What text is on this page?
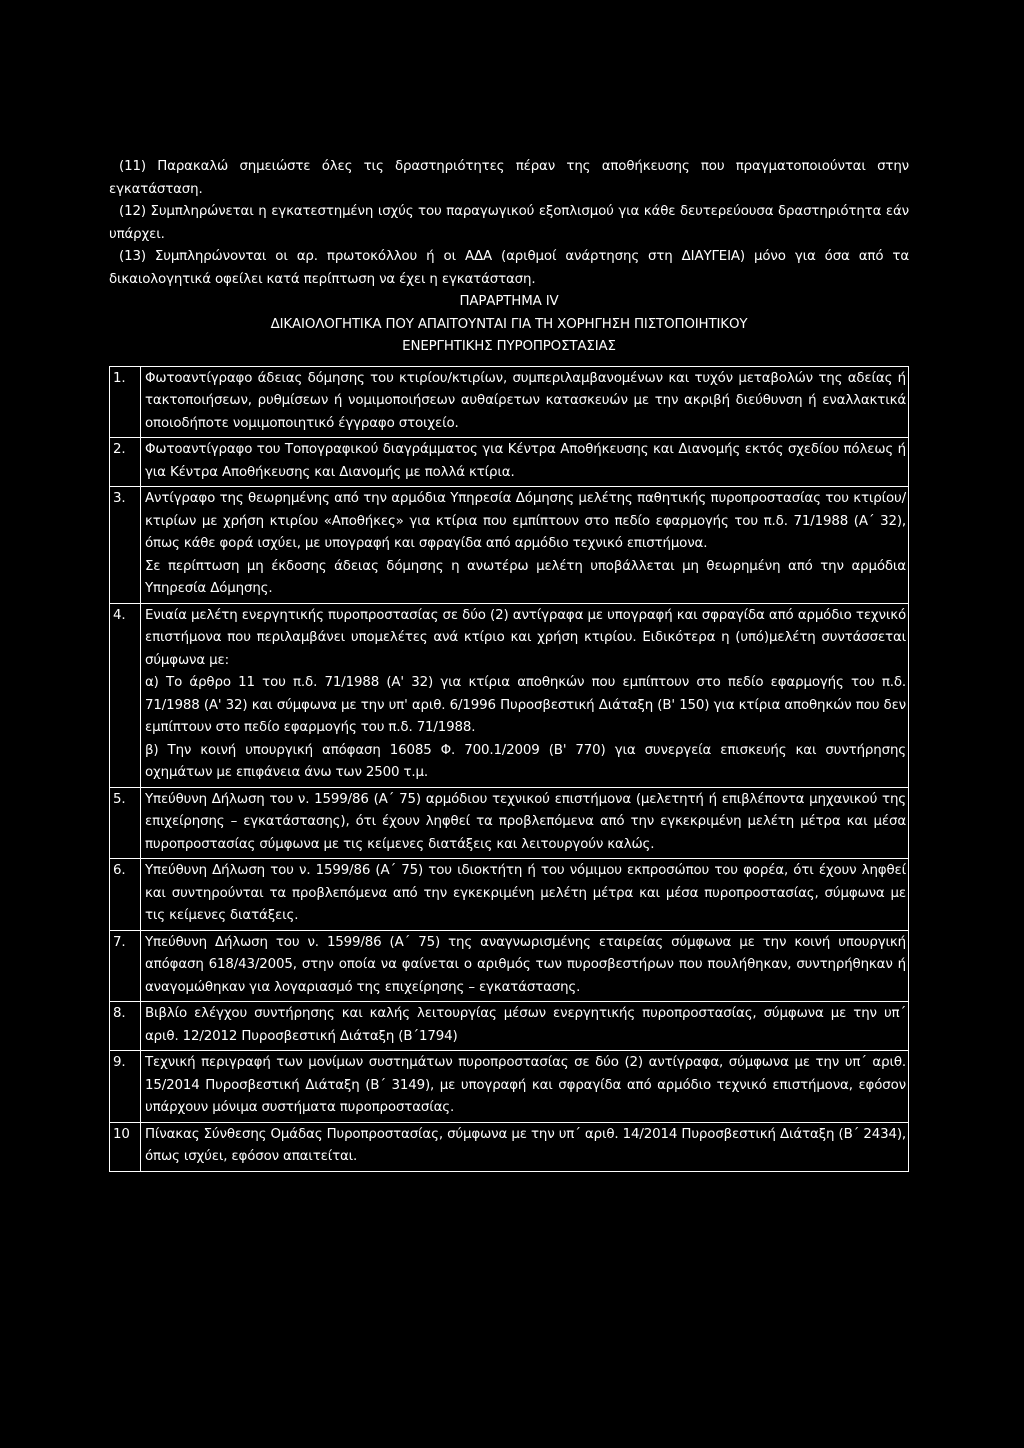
(11) Παρακαλώ σημειώστε όλες τις δραστηριότητες πέραν της αποθήκευσης που πραγματοποιούνται στην εγκατάσταση.

(12) Συμπληρώνεται η εγκατεστημένη ισχύς του παραγωγικού εξοπλισμού για κάθε δευτερεύουσα δραστηριότητα εάν υπάρχει.

(13) Συμπληρώνονται οι αρ. πρωτοκόλλου ή οι ΑΔΑ (αριθμοί ανάρτησης στη ΔΙΑΥΓΕΙΑ) μόνο για όσα από τα δικαιολογητικά οφείλει κατά περίπτωση να έχει η εγκατάσταση.

ΠΑΡΑΡΤΗΜΑ IV

ΔΙΚΑΙΟΛΟΓΗΤΙΚΑ ΠΟΥ ΑΠΑΙΤΟΥΝΤΑΙ ΓΙΑ ΤΗ ΧΟΡΗΓΗΣΗ ΠΙΣΤΟΠΟΙΗΤΙΚΟΥ

ΕΝΕΡΓΗΤΙΚΗΣ ΠΥΡΟΠΡΟΣΤΑΣΙΑΣ

1.	Φωτοαντίγραφο άδειας δόμησης του κτιρίου/κτιρίων, συμπεριλαμβανομένων και τυχόν μεταβολών της αδείας ή τακτοποιήσεων, ρυθμίσεων ή νομιμοποιήσεων αυθαίρετων κατασκευών με την ακριβή διεύθυνση ή εναλλακτικά οποιοδήποτε νομιμοποιητικό έγγραφο στοιχείο.

2.	Φωτοαντίγραφο του Τοπογραφικού διαγράμματος για Κέντρα Αποθήκευσης και Διανομής εκτός σχεδίου πόλεως ή για Κέντρα Αποθήκευσης και Διανομής με πολλά κτίρια.

3.	Αντίγραφο της θεωρημένης από την αρμόδια Υπηρεσία Δόμησης μελέτης παθητικής πυροπροστασίας του κτιρίου/κτιρίων με χρήση κτιρίου «Αποθήκες» για κτίρια που εμπίπτουν στο πεδίο εφαρμογής του π.δ. 71/1988 (Α΄ 32), όπως κάθε φορά ισχύει, με υπογραφή και σφραγίδα από αρμόδιο τεχνικό επιστήμονα.
Σε περίπτωση μη έκδοσης άδειας δόμησης η ανωτέρω μελέτη υποβάλλεται μη θεωρημένη από την αρμόδια Υπηρεσία Δόμησης.

4.	Ενιαία μελέτη ενεργητικής πυροπροστασίας σε δύο (2) αντίγραφα με υπογραφή και σφραγίδα από αρμόδιο τεχνικό επιστήμονα που περιλαμβάνει υπομελέτες ανά κτίριο και χρήση κτιρίου. Ειδικότερα η (υπό)μελέτη συντάσσεται σύμφωνα με:
α) Το άρθρο 11 του π.δ. 71/1988 (Α' 32) για κτίρια αποθηκών που εμπίπτουν στο πεδίο εφαρμογής του π.δ. 71/1988 (Α' 32) και σύμφωνα με την υπ' αριθ. 6/1996 Πυροσβεστική Διάταξη (Β' 150) για κτίρια αποθηκών που δεν εμπίπτουν στο πεδίο εφαρμογής του π.δ. 71/1988.
β) Την κοινή υπουργική απόφαση 16085 Φ. 700.1/2009 (Β' 770) για συνεργεία επισκευής και συντήρησης οχημάτων με επιφάνεια άνω των 2500 τ.μ.

5.	Υπεύθυνη Δήλωση του ν. 1599/86 (Α΄ 75) αρμόδιου τεχνικού επιστήμονα (μελετητή ή επιβλέποντα μηχανικού της επιχείρησης – εγκατάστασης), ότι έχουν ληφθεί τα προβλεπόμενα από την εγκεκριμένη μελέτη μέτρα και μέσα πυροπροστασίας σύμφωνα με τις κείμενες διατάξεις και λειτουργούν καλώς.

6.	Υπεύθυνη Δήλωση του ν. 1599/86 (Α΄ 75) του ιδιοκτήτη ή του νόμιμου εκπροσώπου του φορέα, ότι έχουν ληφθεί και συντηρούνται τα προβλεπόμενα από την εγκεκριμένη μελέτη μέτρα και μέσα πυροπροστασίας, σύμφωνα με τις κείμενες διατάξεις.

7.	Υπεύθυνη Δήλωση του ν. 1599/86 (Α΄ 75) της αναγνωρισμένης εταιρείας σύμφωνα με την κοινή υπουργική απόφαση 618/43/2005, στην οποία να φαίνεται ο αριθμός των πυροσβεστήρων που πουλήθηκαν, συντηρήθηκαν ή αναγομώθηκαν για λογαριασμό της επιχείρησης – εγκατάστασης.

8.	Βιβλίο ελέγχου συντήρησης και καλής λειτουργίας μέσων ενεργητικής πυροπροστασίας, σύμφωνα με την υπ΄ αριθ. 12/2012 Πυροσβεστική Διάταξη (Β΄1794)

9.	Τεχνική περιγραφή των μονίμων συστημάτων πυροπροστασίας σε δύο (2) αντίγραφα, σύμφωνα με την υπ΄ αριθ. 15/2014 Πυροσβεστική Διάταξη (Β΄ 3149), με υπογραφή και σφραγίδα από αρμόδιο τεχνικό επιστήμονα, εφόσον υπάρχουν μόνιμα συστήματα πυροπροστασίας.

10	Πίνακας Σύνθεσης Ομάδας Πυροπροστασίας, σύμφωνα με την υπ΄ αριθ. 14/2014 Πυροσβεστική Διάταξη (Β΄ 2434), όπως ισχύει, εφόσον απαιτείται.
